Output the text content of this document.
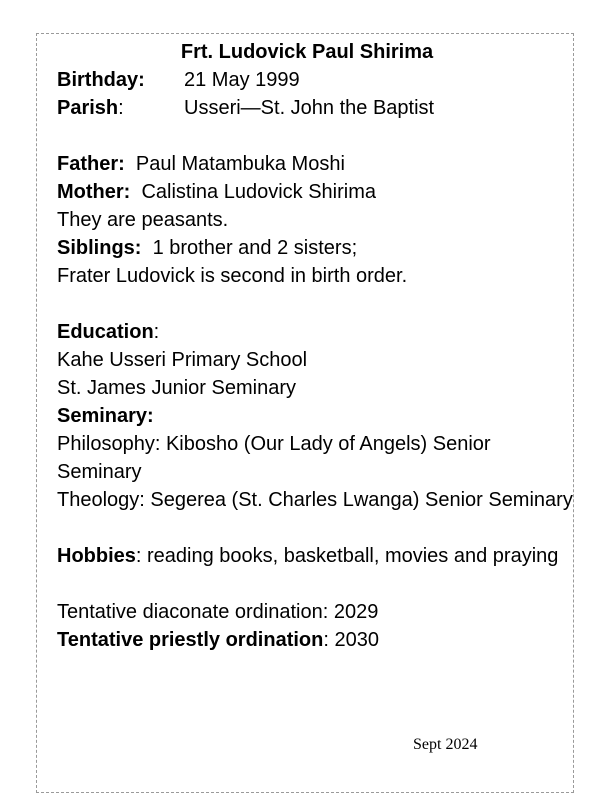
Frt. Ludovick Paul Shirima
Birthday: 21 May 1999
Parish:	Usseri—St. John the Baptist
Father: Paul Matambuka Moshi
Mother: Calistina Ludovick Shirima
They are peasants.
Siblings: 1 brother and 2 sisters;
Frater Ludovick is second in birth order.
Education:
Kahe Usseri Primary School
St. James Junior Seminary
Seminary:
Philosophy: Kibosho (Our Lady of Angels) Senior Seminary
Theology: Segerea (St. Charles Lwanga) Senior Seminary
Hobbies: reading books, basketball, movies and praying
Tentative diaconate ordination: 2029
Tentative priestly ordination: 2030
Sept 2024
